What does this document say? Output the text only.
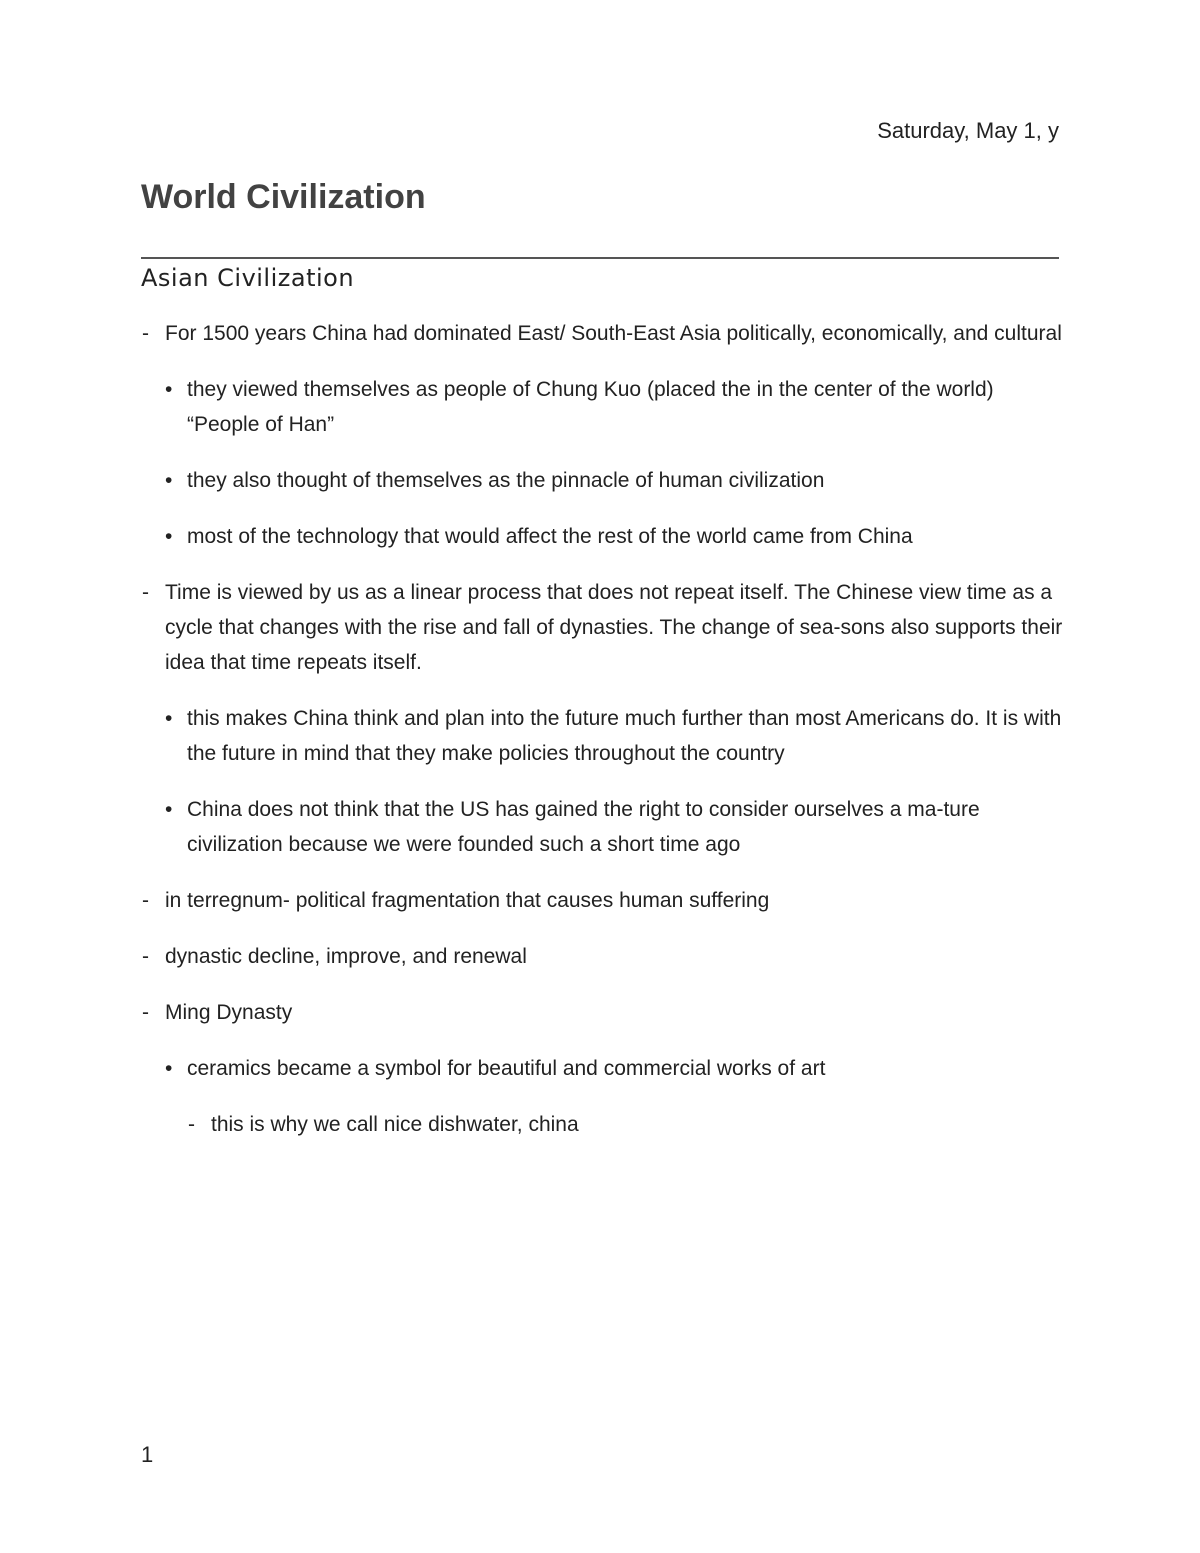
Saturday, May 1, y
World Civilization
Asian Civilization
- For 1500 years China had dominated East/ South-East Asia politically, economically, and cultural
• they viewed themselves as people of Chung Kuo (placed the in the center of the world) “People of Han”
• they also thought of themselves as the pinnacle of human civilization
• most of the technology that would affect the rest of the world came from China
- Time is viewed by us as a linear process that does not repeat itself. The Chinese view time as a cycle that changes with the rise and fall of dynasties. The change of sea-sons also supports their idea that time repeats itself.
• this makes China think and plan into the future much further than most Americans do. It is with the future in mind that they make policies throughout the country
• China does not think that the US has gained the right to consider ourselves a ma-ture civilization because we were founded such a short time ago
- in terregnum- political fragmentation that causes human suffering
- dynastic decline, improve, and renewal
- Ming Dynasty
• ceramics became a symbol for beautiful and commercial works of art
- this is why we call nice dishwater, china
1
